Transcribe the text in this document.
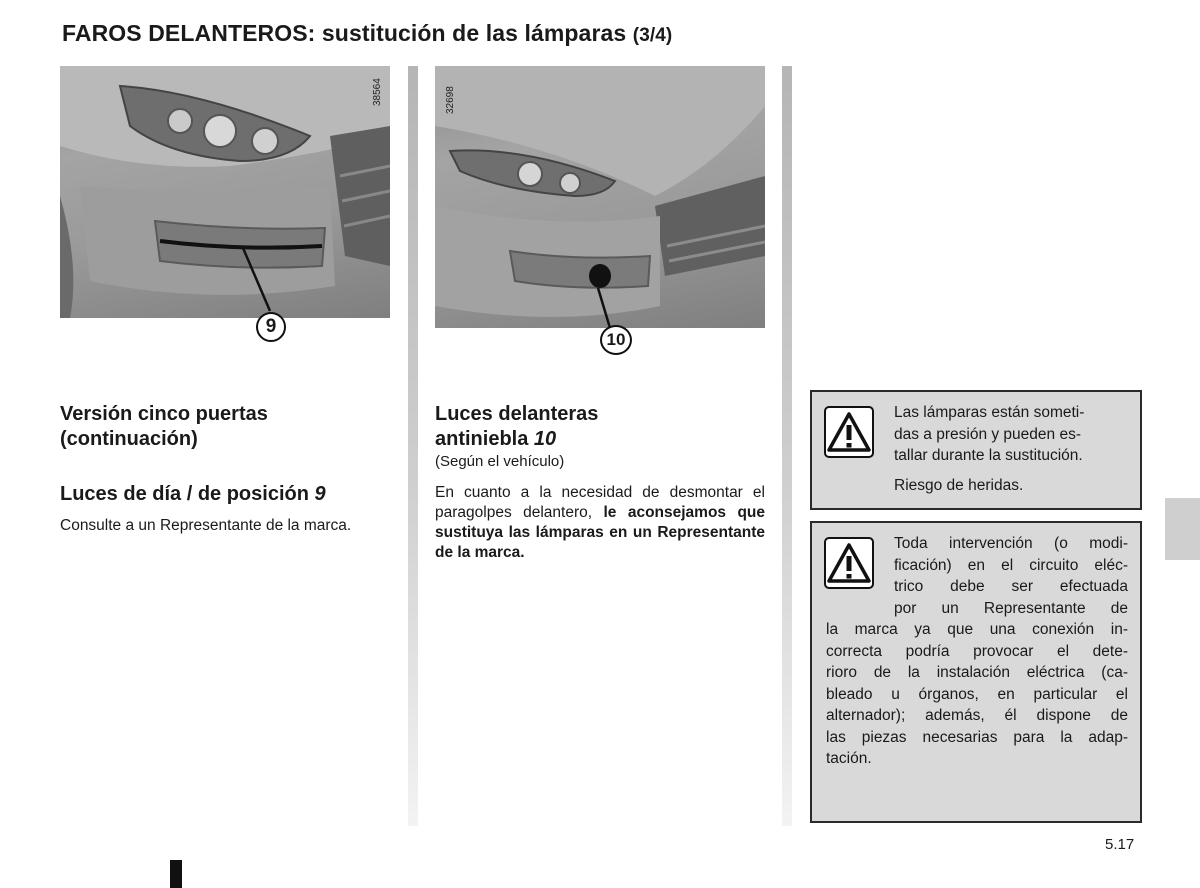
FAROS DELANTEROS: sustitución de las lámparas (3/4)
38564
9
32698
10
Versión cinco puertas
(continuación)
Luces de día / de posición 9
Consulte a un Representante de la marca.
Luces delanteras
antiniebla 10
(Según el vehículo)
En cuanto a la necesidad de desmontar el paragolpes delantero, le aconsejamos que sustituya las lámparas en un Representante de la marca.
Las lámparas están someti-
das a presión y pueden es-
tallar durante la sustitución.
Riesgo de heridas.
Toda intervención (o modi-
ficación) en el circuito eléc-
trico debe ser efectuada
por un Representante de
la marca ya que una conexión in-
correcta podría provocar el dete-
rioro de la instalación eléctrica (ca-
bleado u órganos, en particular el
alternador); además, él dispone de
las piezas necesarias para la adap-
tación.
5.17
